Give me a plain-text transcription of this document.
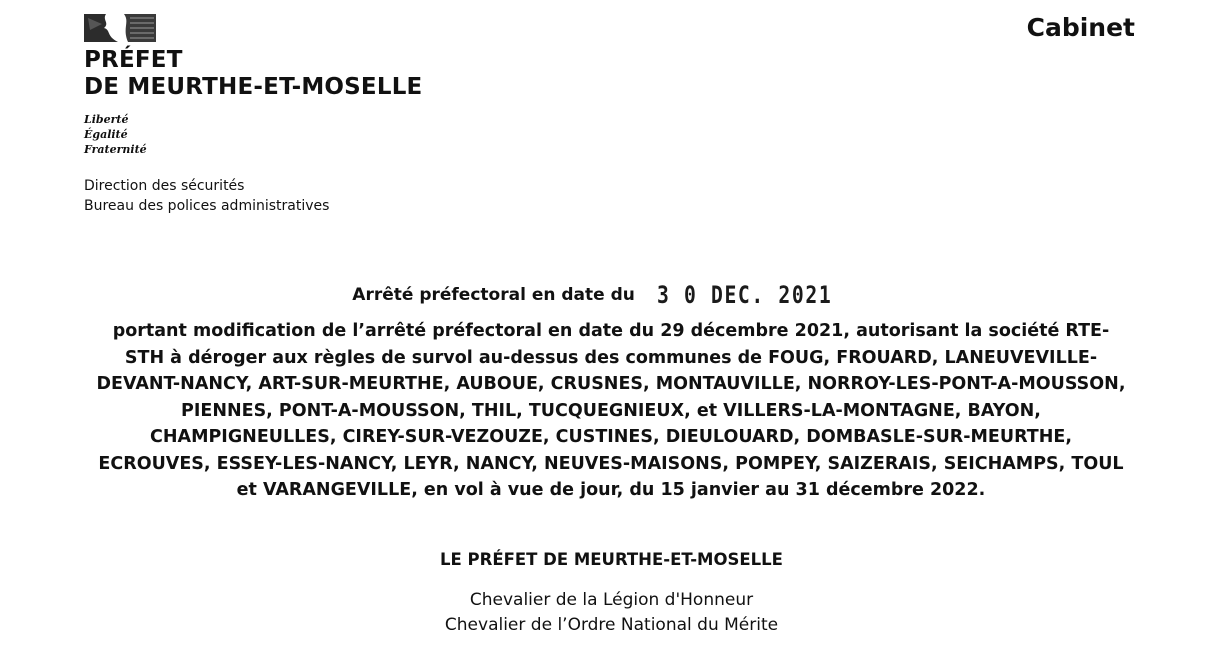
PRÉFET
DE MEURTHE-ET-MOSELLE
Liberté
Égalité
Fraternité
Direction des sécurités
Bureau des polices administratives
Cabinet
Arrêté préfectoral en date du 3 0 DEC. 2021

portant modification de l’arrêté préfectoral en date du 29 décembre 2021, autorisant la société RTE-STH à déroger aux règles de survol au-dessus des communes de FOUG, FROUARD, LANEUVEVILLE-DEVANT-NANCY, ART-SUR-MEURTHE, AUBOUE, CRUSNES, MONTAUVILLE, NORROY-LES-PONT-A-MOUSSON, PIENNES, PONT-A-MOUSSON, THIL, TUCQUEGNIEUX, et VILLERS-LA-MONTAGNE, BAYON, CHAMPIGNEULLES, CIREY-SUR-VEZOUZE, CUSTINES, DIEULOUARD, DOMBASLE-SUR-MEURTHE, ECROUVES, ESSEY-LES-NANCY, LEYR, NANCY, NEUVES-MAISONS, POMPEY, SAIZERAIS, SEICHAMPS, TOUL et VARANGEVILLE, en vol à vue de jour, du 15 janvier au 31 décembre 2022.

LE PRÉFET DE MEURTHE-ET-MOSELLE
Chevalier de la Légion d'Honneur
Chevalier de l’Ordre National du Mérite
